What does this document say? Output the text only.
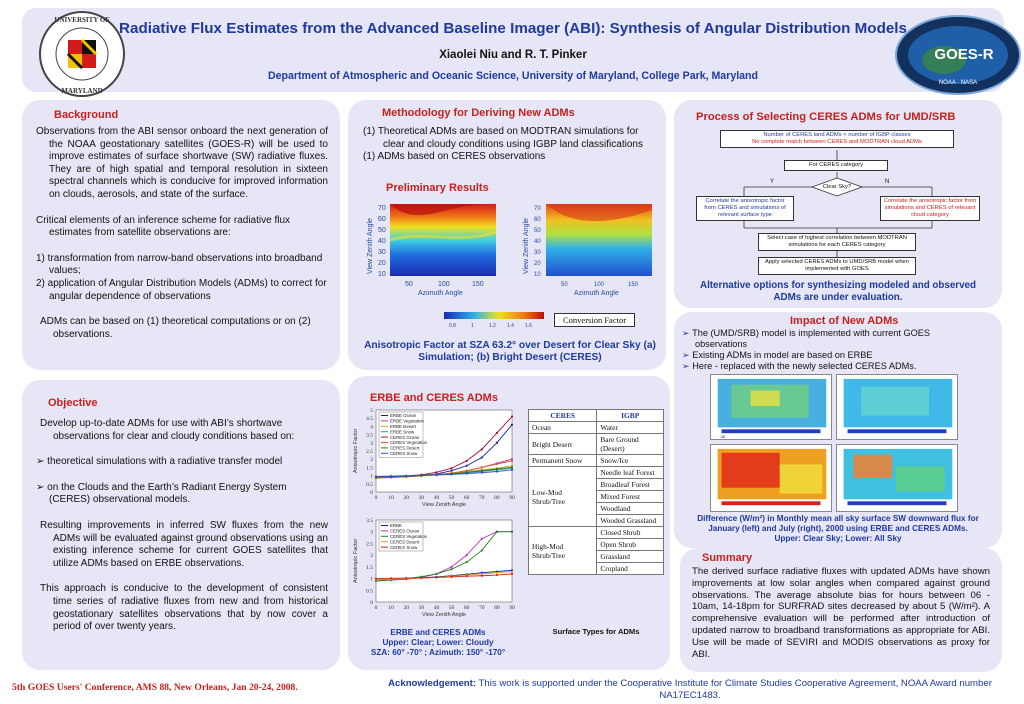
UNIVERSITY OF
MARYLAND
Radiative Flux Estimates from the Advanced Baseline Imager (ABI): Synthesis of Angular Distribution Models
Xiaolei Niu and R. T. Pinker
Department of Atmospheric and Oceanic Science, University of Maryland, College Park, Maryland
GOES-R
NOAA · NASA
Background

Observations from the ABI sensor onboard the next generation of the NOAA geostationary satellites (GOES-R) will be used to improve estimates of surface shortwave (SW) radiative fluxes. They are of high spatial and temporal resolution in sixteen spectral channels which is conducive for improved information on clouds, aerosols, and state of the surface.

Critical elements of an inference scheme for radiative flux estimates from satellite observations are:

1) transformation from narrow-band observations into broadband values;

2) application of Angular Distribution Models (ADMs) to correct for angular dependence of observations

ADMs can be based on (1) theoretical computations or on (2) observations.

Methodology for Deriving New ADMs

(1) Theoretical ADMs are based on MODTRAN simulations for clear and cloudy conditions using IGBP land classifications

(1) ADMs based on CERES observations

Preliminary Results
View Zenith Angle
70
60
50
40
30
20
10
50	100	150
Azimuth Angle
View Zenith Angle
70
60
50
40
30
20
10
50	100	150
Azimuth Angle
0.8	1	1.2 1.4 1.6
Conversion Factor
Anisotropic Factor at SZA 63.2° over Desert for Clear Sky (a) Simulation; (b) Bright Desert (CERES)
Process of Selecting CERES ADMs for UMD/SRB
Number of CERES land ADMs < number of IGBP classes
No complete match between CERES and MODTRAN cloud ADMs
For CERES category
Clear Sky?
Y	N
Correlate the anisotropic factor from CERES and simulations of relevant surface type
Correlate the anisotropic factor from simulations and CERES of relevant cloud category
Select case of highest correlation between MODTRAN simulations for each CERES category
Apply selected CERES ADMs to UMD/SRB model when implemented with GOES
Alternative options for synthesizing modeled and observed ADMs are under evaluation.
Impact of New ADMs

➢ The (UMD/SRB) model is implemented with current GOES observations

➢ Existing ADMs in model are based on ERBE

➢ Here - replaced with the newly selected CERES ADMs.

-10
Difference (W/m²) in Monthly mean all sky surface SW downward flux for January (left) and July (right), 2000 using ERBE and CERES ADMs. Upper: Clear Sky; Lower: All Sky
Objective

Develop up-to-date ADMs for use with ABI’s shortwave observations for clear and cloudy conditions based on:

➢ theoretical simulations with a radiative transfer model

➢ on the Clouds and the Earth’s Radiant Energy System (CERES) observational models.

Resulting improvements in inferred SW fluxes from the new ADMs will be evaluated against ground observations using an existing inference scheme for current GOES satellites that utilize ADMs based on ERBE observations.

This approach is conducive to the development of consistent time series of radiative fluxes from new and from historical geostationary satellites observations that by now cover a period of over twenty years.

ERBE and CERES ADMs
0
0.5
1
1.5
2
2.5
3
3.5
4
4.5
5
0 10 20 30 40 50 60 70 80 90
View Zenith Angle
Anisotropic Factor
ERBE Ocean
ERBE Vegetation
ERBE Desert
ERBE Snow
CERES Ocean
CERES Vegetation
CERES Desert
CERES Snow
0
0.5
1
1.5
2
2.5
3
3.5
0 10 20 30 40 50 60 70 80 90
View Zenith Angle
Anisotropic Factor
ERBE
CERES Ocean
CERES Vegetation
CERES Desert
CERES Snow
ERBE and CERES ADMs
Upper: Clear; Lower: Cloudy
SZA: 60° -70° ; Azimuth: 150° -170°
CERES	IGBP
Ocean	Water
Bright Desert	Bare Ground (Desert)

Permanent Snow	Snow/Ice

Low-Mod Shrub/Tree	Needle leaf Forest
	Broadleaf Forest
	Mixed Forest
	Woodland
	Wooded Grassland
High-Mod Shrub/Tree	Closed Shrub
	Open Shrub
	Grassland
	Cropland
Surface Types for ADMs
Summary
The derived surface radiative fluxes with updated ADMs have shown improvements at low solar angles when compared against ground observations. The average absolute bias for hours between 06 - 10am, 14-18pm for SURFRAD sites decreased by about 5 (W/m²). A comprehensive evaluation will be performed after introduction of updated narrow to broadband transformations as appropriate for ABI. Use will be made of SEVIRI and MODIS observations as proxy for ABI.
5th GOES Users' Conference, AMS 88, New Orleans, Jan 20-24, 2008.	Acknowledgement: This work is supported under the Cooperative Institute for Climate Studies Cooperative Agreement, NOAA Award number NA17EC1483.
